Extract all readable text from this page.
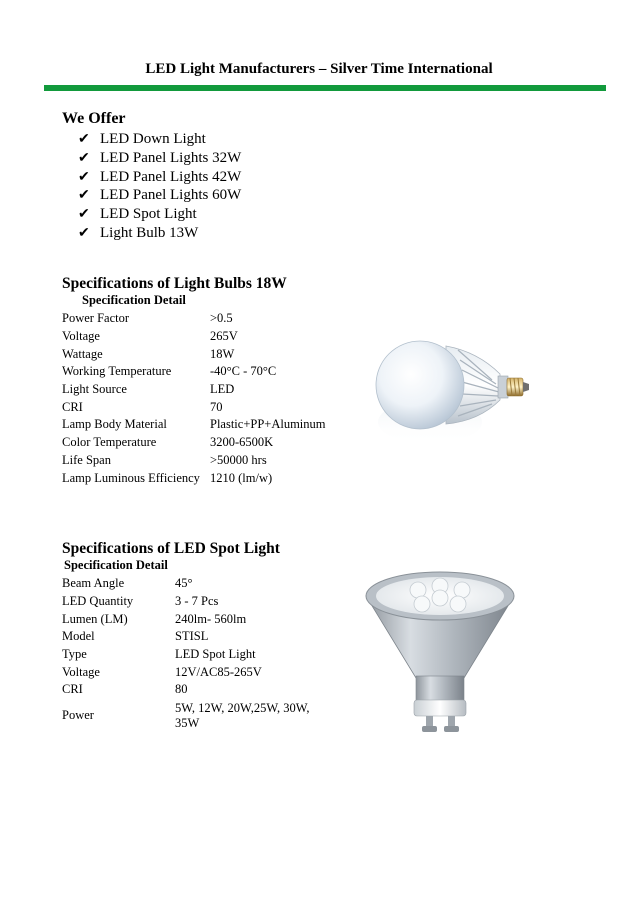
LED Light Manufacturers – Silver Time International
We Offer
✔ LED Down Light
✔ LED Panel Lights 32W
✔ LED Panel Lights 42W
✔ LED Panel Lights 60W
✔ LED Spot Light
✔ Light Bulb 13W
Specifications of Light Bulbs 18W
Specification Detail
Power Factor	>0.5
Voltage	265V
Wattage	18W
Working Temperature	-40°C - 70°C
Light Source	LED
CRI	70
Lamp Body Material	Plastic+PP+Aluminum
Color Temperature	3200-6500K
Life Span	>50000 hrs
Lamp Luminous Efficiency	1210 (lm/w)
Specifications of LED Spot Light
Specification Detail
Beam Angle	45°
LED Quantity	3 - 7 Pcs
Lumen (LM)	240lm- 560lm
Model	STISL
Type	LED Spot Light
Voltage	12V/AC85-265V
CRI	80
Power	5W, 12W, 20W,25W, 30W, 35W
